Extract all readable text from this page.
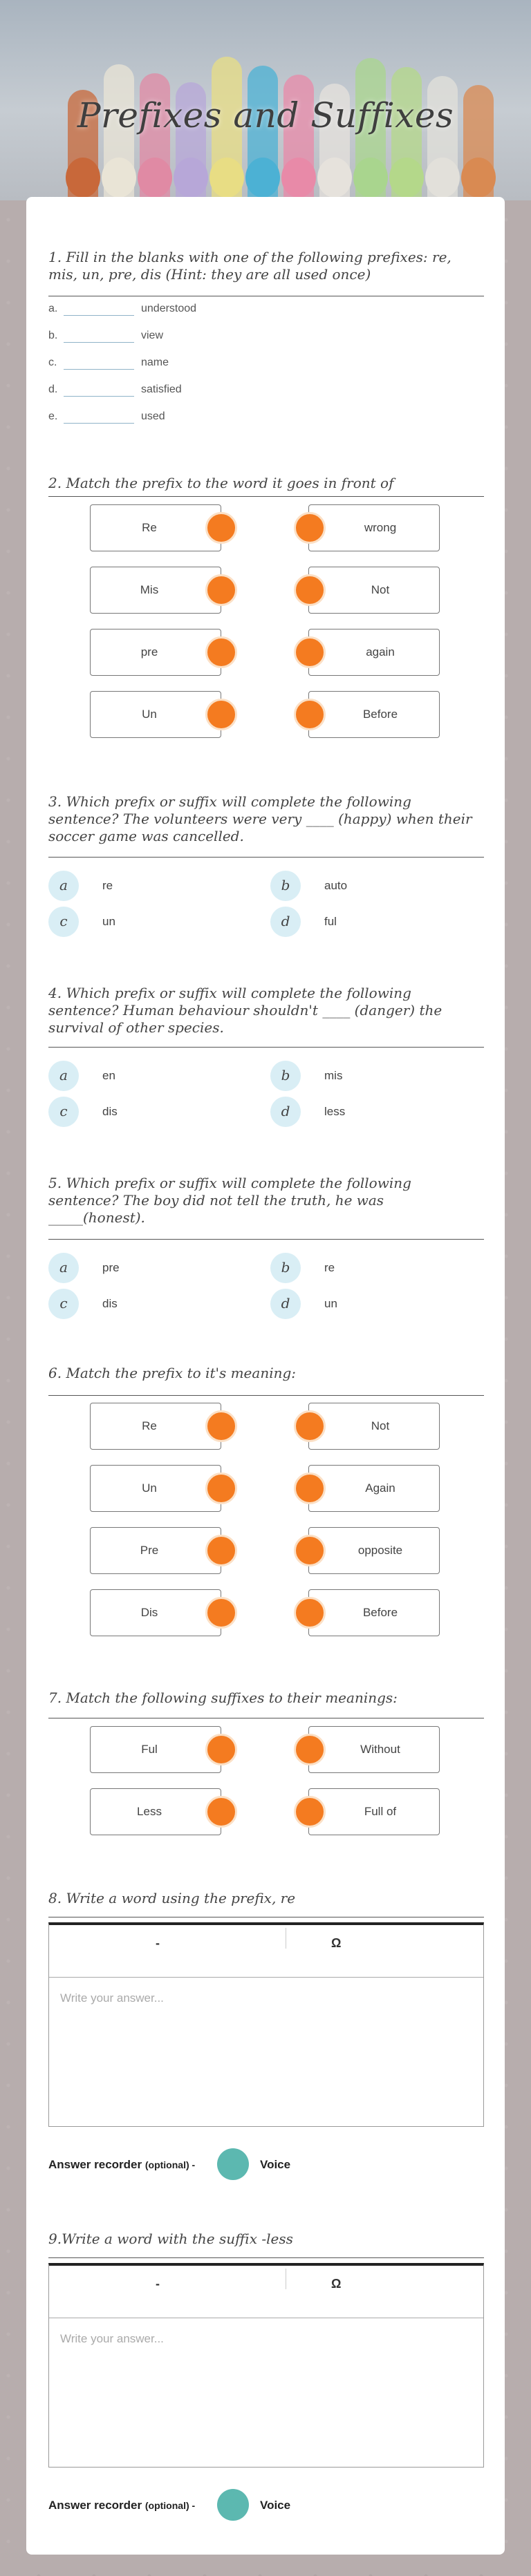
Prefixes and Suffixes
1. Fill in the blanks with one of the following prefixes: re, mis, un, pre, dis (Hint: they are all used once)
a.	understood
b.	view
c.	name
d.	satisfied
e.	used
2. Match the prefix to the word it goes in front of
Re	wrong
Mis	Not
pre	again
Un	Before
3. Which prefix or suffix will complete the following sentence? The volunteers were very ____ (happy) when their soccer game was cancelled.
a	re	b	auto
c	un	d	ful
4. Which prefix or suffix will complete the following sentence? Human behaviour shouldn't ____ (danger) the survival of other species.
a	en	b	mis
c	dis	d	less
5. Which prefix or suffix will complete the following sentence? The boy did not tell the truth, he was _____(honest).
a	pre	b	re
c	dis	d	un
6. Match the prefix to it's meaning:
Re	Not
Un	Again
Pre	opposite
Dis	Before
7. Match the following suffixes to their meanings:
Ful	Without
Less	Full of
8. Write a word using the prefix, re
-	Ω
Write your answer...
Answer recorder (optional) -	Voice
9.Write a word with the suffix -less
-	Ω
Write your answer...
Answer recorder (optional) -	Voice
